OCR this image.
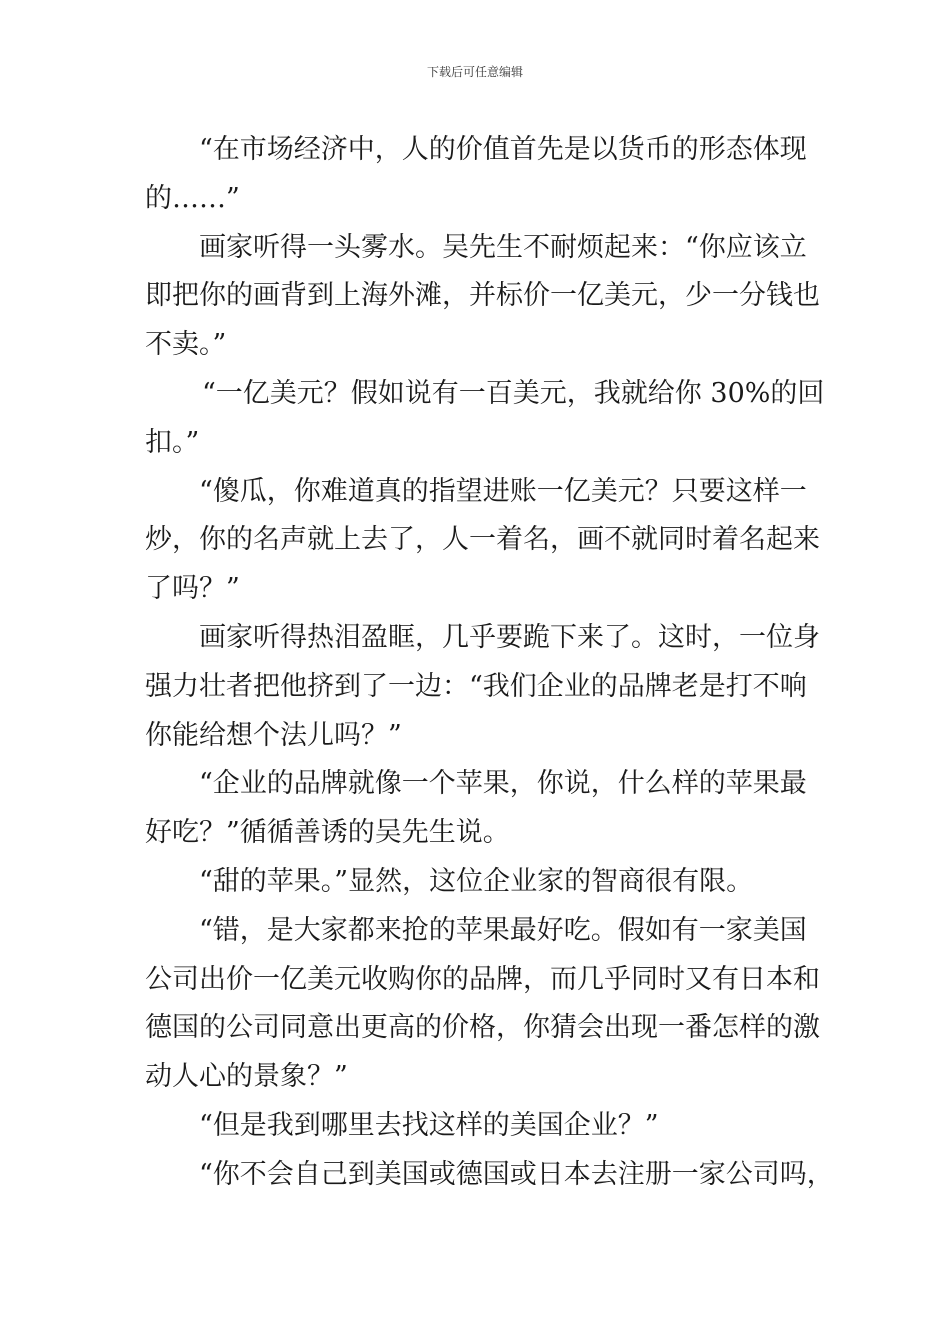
下载后可任意编辑
“在市场经济中，人的价值首先是以货币的形态体现
的……”
画家听得一头雾水。吴先生不耐烦起来：“你应该立
即把你的画背到上海外滩，并标价一亿美元，少一分钱也
不卖。”
“一亿美元？假如说有一百美元，我就给你 30%的回
扣。”
“傻瓜，你难道真的指望进账一亿美元？只要这样一
炒，你的名声就上去了，人一着名，画不就同时着名起来
了吗？”
画家听得热泪盈眶，几乎要跪下来了。这时，一位身
强力壮者把他挤到了一边：“我们企业的品牌老是打不响
你能给想个法儿吗？”
“企业的品牌就像一个苹果，你说，什么样的苹果最
好吃？”循循善诱的吴先生说。
“甜的苹果。”显然，这位企业家的智商很有限。
“错，是大家都来抢的苹果最好吃。假如有一家美国
公司出价一亿美元收购你的品牌，而几乎同时又有日本和
德国的公司同意出更高的价格，你猜会出现一番怎样的激
动人心的景象？”
“但是我到哪里去找这样的美国企业？”
“你不会自己到美国或德国或日本去注册一家公司吗，
